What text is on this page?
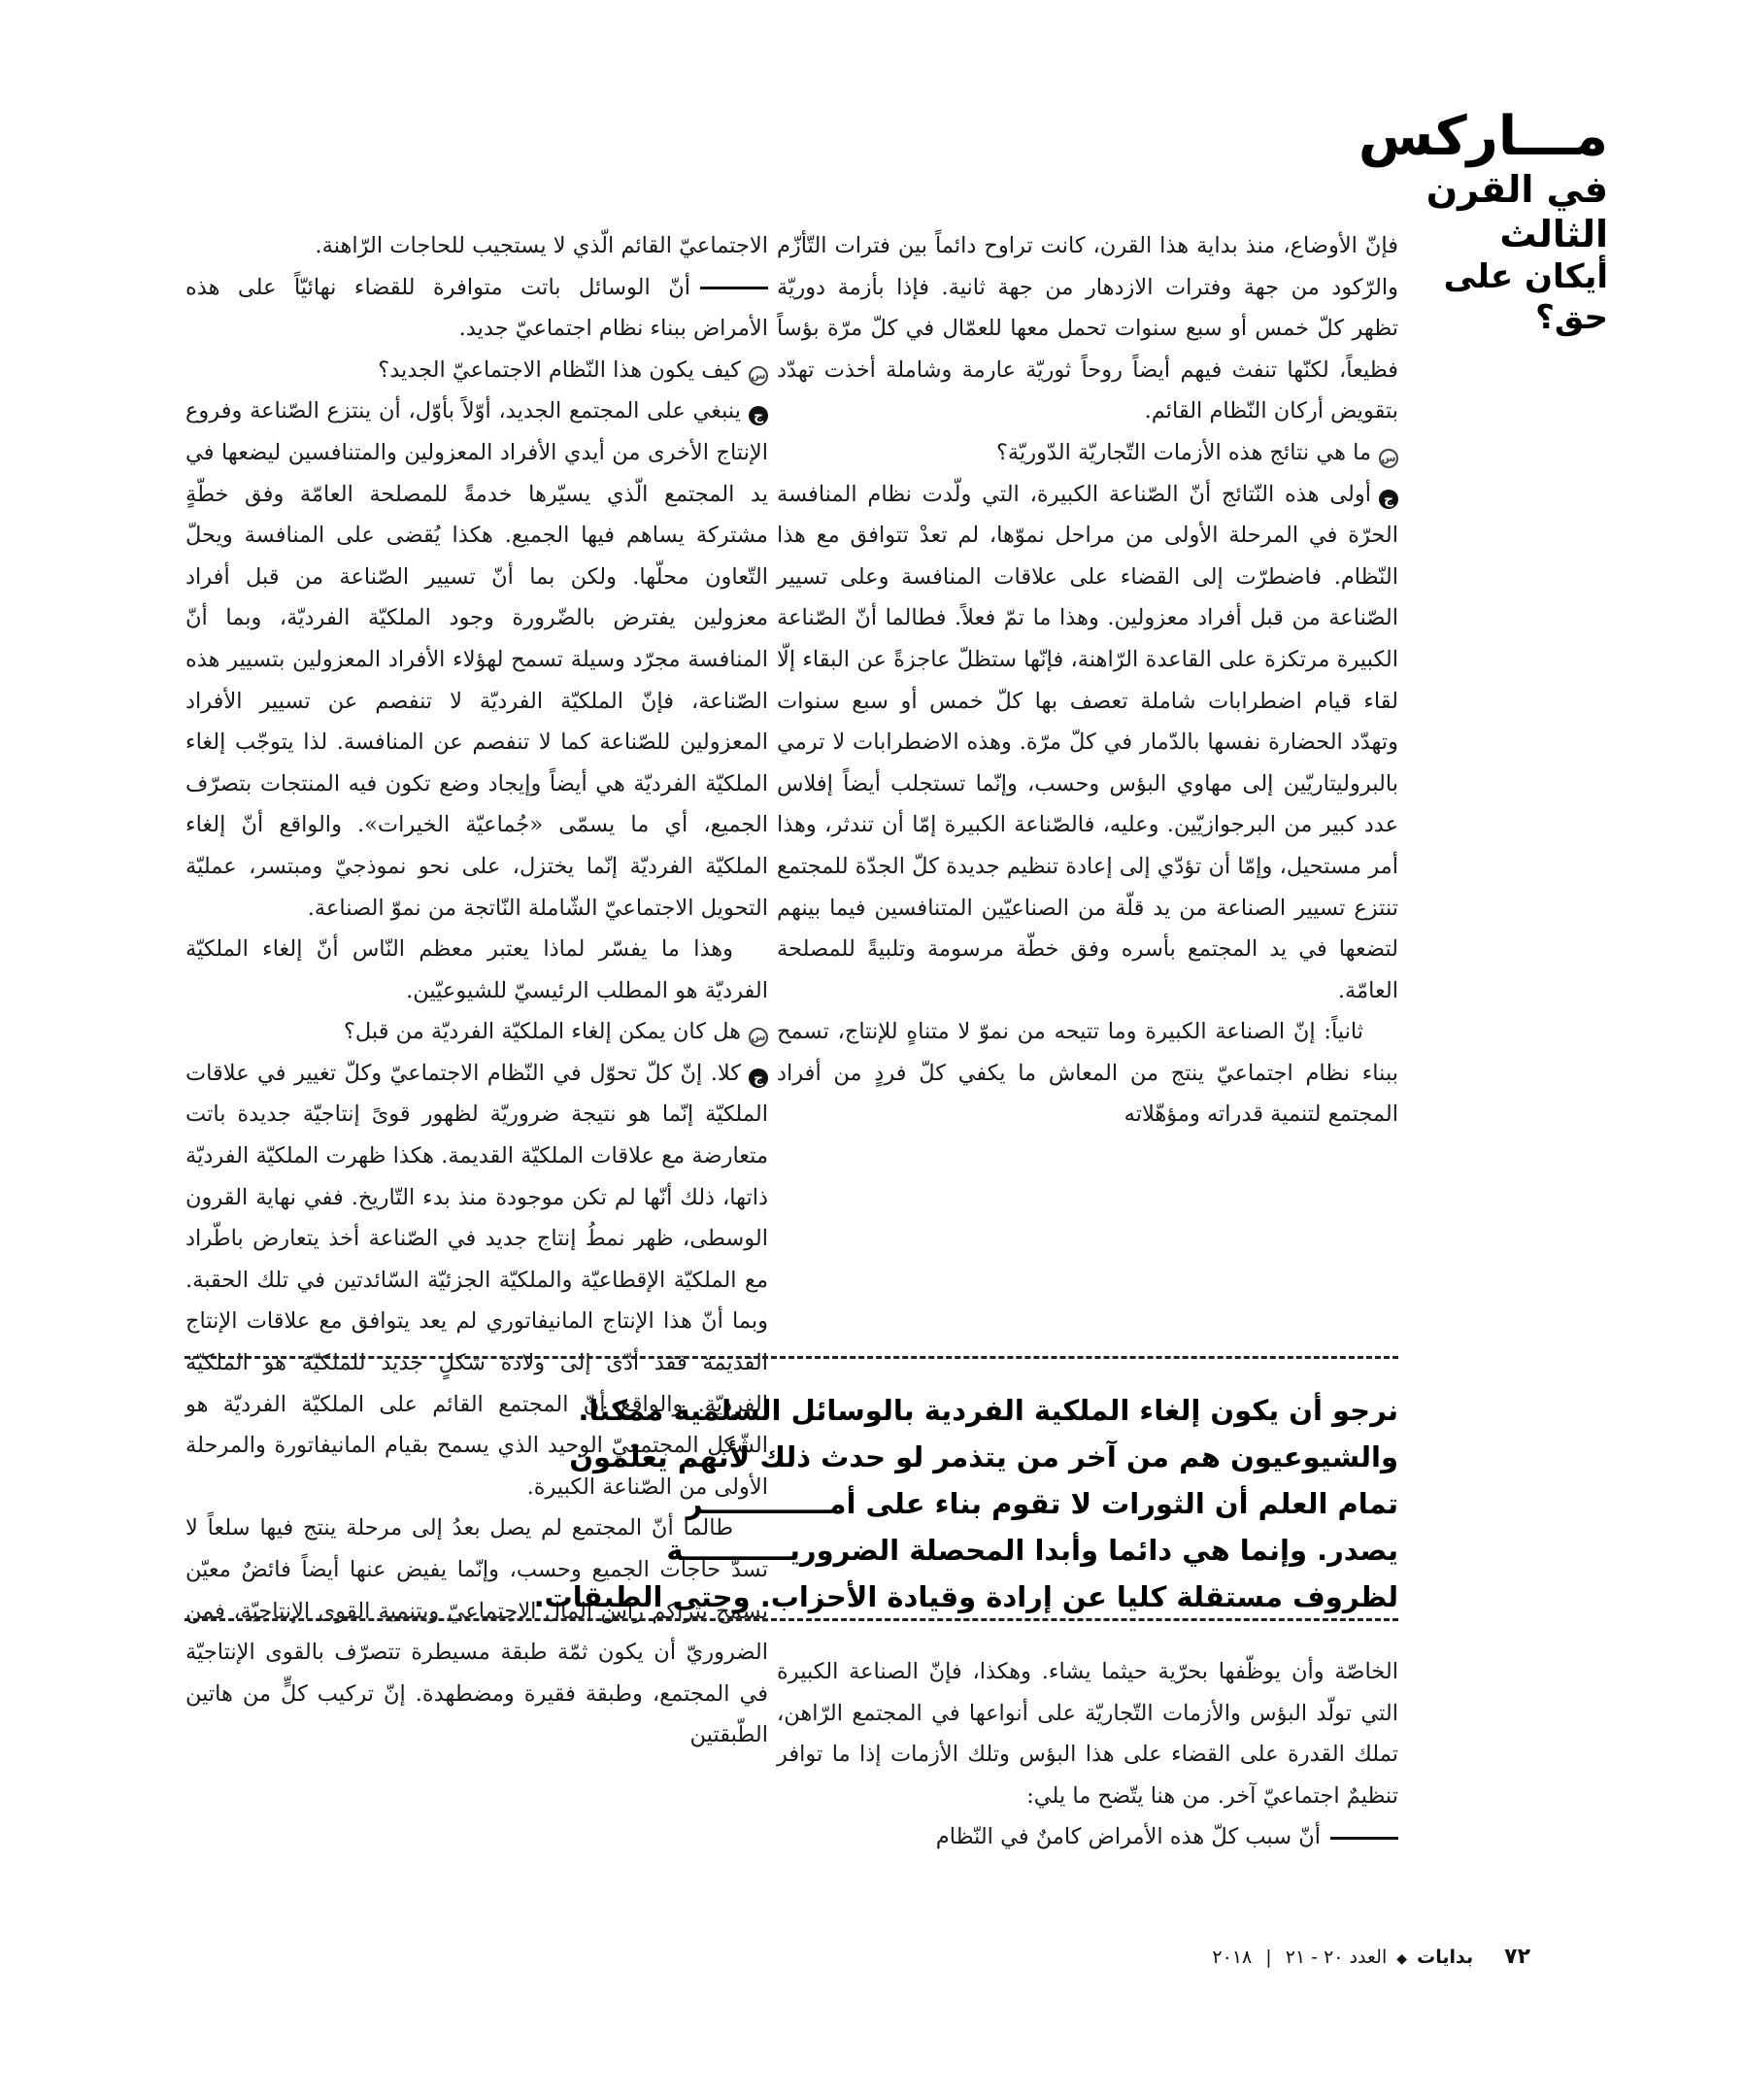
مـــاركس
في القرن الثالث
أيكان على حق؟

فإنّ الأوضاع، منذ بداية هذا القرن، كانت تراوح دائماً بين فترات التّأزّم والرّكود من جهة وفترات الازدهار من جهة ثانية. فإذا بأزمة دوريّة تظهر كلّ خمس أو سبع سنوات تحمل معها للعمّال في كلّ مرّة بؤساً فظيعاً، لكنّها تنفث فيهم أيضاً روحاً ثوريّة عارمة وشاملة أخذت تهدّد بتقويض أركان النّظام القائم.

سما هي نتائج هذه الأزمات التّجاريّة الدّوريّة؟

جأولى هذه النّتائج أنّ الصّناعة الكبيرة، التي ولّدت نظام المنافسة الحرّة في المرحلة الأولى من مراحل نموّها، لم تعدْ تتوافق مع هذا النّظام. فاضطرّت إلى القضاء على علاقات المنافسة وعلى تسيير الصّناعة من قبل أفراد معزولين. وهذا ما تمّ فعلاً. فطالما أنّ الصّناعة الكبيرة مرتكزة على القاعدة الرّاهنة، فإنّها ستظلّ عاجزةً عن البقاء إلّا لقاء قيام اضطرابات شاملة تعصف بها كلّ خمس أو سبع سنوات وتهدّد الحضارة نفسها بالدّمار في كلّ مرّة. وهذه الاضطرابات لا ترمي بالبروليتاريّين إلى مهاوي البؤس وحسب، وإنّما تستجلب أيضاً إفلاس عدد كبير من البرجوازيّين. وعليه، فالصّناعة الكبيرة إمّا أن تندثر، وهذا أمر مستحيل، وإمّا أن تؤدّي إلى إعادة تنظيم جديدة كلّ الجدّة للمجتمع تنتزع تسيير الصناعة من يد قلّة من الصناعيّين المتنافسين فيما بينهم لتضعها في يد المجتمع بأسره وفق خطّة مرسومة وتلبيةً للمصلحة العامّة.

ثانياً: إنّ الصناعة الكبيرة وما تتيحه من نموّ لا متناهٍ للإنتاج، تسمح ببناء نظام اجتماعيّ ينتج من المعاش ما يكفي كلّ فردٍ من أفراد المجتمع لتنمية قدراته ومؤهّلاته

الاجتماعيّ القائم الّذي لا يستجيب للحاجات الرّاهنة.

أنّ الوسائل باتت متوافرة للقضاء نهائيّاً على هذه الأمراض ببناء نظام اجتماعيّ جديد.

سكيف يكون هذا النّظام الاجتماعيّ الجديد؟

جينبغي على المجتمع الجديد، أوّلاً بأوّل، أن ينتزع الصّناعة وفروع الإنتاج الأخرى من أيدي الأفراد المعزولين والمتنافسين ليضعها في يد المجتمع الّذي يسيّرها خدمةً للمصلحة العامّة وفق خطّةٍ مشتركة يساهم فيها الجميع. هكذا يُقضى على المنافسة ويحلّ التّعاون محلّها. ولكن بما أنّ تسيير الصّناعة من قبل أفراد معزولين يفترض بالضّرورة وجود الملكيّة الفرديّة، وبما أنّ المنافسة مجرّد وسيلة تسمح لهؤلاء الأفراد المعزولين بتسيير هذه الصّناعة، فإنّ الملكيّة الفرديّة لا تنفصم عن تسيير الأفراد المعزولين للصّناعة كما لا تنفصم عن المنافسة. لذا يتوجّب إلغاء الملكيّة الفرديّة هي أيضاً وإيجاد وضع تكون فيه المنتجات بتصرّف الجميع، أي ما يسمّى «جُماعيّة الخيرات». والواقع أنّ إلغاء الملكيّة الفرديّة إنّما يختزل، على نحو نموذجيّ ومبتسر، عمليّة التحويل الاجتماعيّ الشّاملة النّاتجة من نموّ الصناعة.

وهذا ما يفسّر لماذا يعتبر معظم النّاس أنّ إلغاء الملكيّة الفرديّة هو المطلب الرئيسيّ للشيوعيّين.

سهل كان يمكن إلغاء الملكيّة الفرديّة من قبل؟

جكلا. إنّ كلّ تحوّل في النّظام الاجتماعيّ وكلّ تغيير في علاقات الملكيّة إنّما هو نتيجة ضروريّة لظهور قوىً إنتاجيّة جديدة باتت متعارضة مع علاقات الملكيّة القديمة. هكذا ظهرت الملكيّة الفرديّة ذاتها، ذلك أنّها لم تكن موجودة منذ بدء التّاريخ. ففي نهاية القرون الوسطى، ظهر نمطُ إنتاج جديد في الصّناعة أخذ يتعارض باطّراد مع الملكيّة الإقطاعيّة والملكيّة الجزئيّة السّائدتين في تلك الحقبة. وبما أنّ هذا الإنتاج المانيفاتوري لم يعد يتوافق مع علاقات الإنتاج القديمة فقد أدّى إلى ولادة شكلٍ جديد للملكيّة هو الملكيّة الفرديّة. والواقع أنّ المجتمع القائم على الملكيّة الفرديّة هو الشّكل المجتمعيّ الوحيد الذي يسمح بقيام المانيفاتورة والمرحلة الأولى من الصّناعة الكبيرة.

طالما أنّ المجتمع لم يصل بعدُ إلى مرحلة ينتج فيها سلعاً لا تسدّ حاجات الجميع وحسب، وإنّما يفيض عنها أيضاً فائضٌ معيّن يسمح بتراكم رأس المال الاجتماعيّ وبتنمية القوى الإنتاجيّة، فمن الضروريّ أن يكون ثمّة طبقة مسيطرة تتصرّف بالقوى الإنتاجيّة في المجتمع، وطبقة فقيرة ومضطهدة. إنّ تركيب كلٍّ من هاتين الطّبقتين

نرجو أن يكون إلغاء الملكية الفردية بالوسائل السلمية ممكنا.

والشيوعيون هم من آخر من يتذمر لو حدث ذلك لأنهم يعلمون

تمام العلم أن الثورات لا تقوم بناء على أمـــــــــــــر

يصدر. وإنما هي دائما وأبدا المحصلة الضروريـــــــــــة

لظروف مستقلة كليا عن إرادة وقيادة الأحزاب. وحتى الطبقات.

الخاصّة وأن يوظّفها بحرّية حيثما يشاء. وهكذا، فإنّ الصناعة الكبيرة التي تولّد البؤس والأزمات التّجاريّة على أنواعها في المجتمع الرّاهن، تملك القدرة على القضاء على هذا البؤس وتلك الأزمات إذا ما توافر تنظيمٌ اجتماعيّ آخر. من هنا يتّضح ما يلي:

أنّ سبب كلّ هذه الأمراض كامنٌ في النّظام

٧٢ بدايات ◆ العدد ٢٠ - ٢١ | ٢٠١٨
